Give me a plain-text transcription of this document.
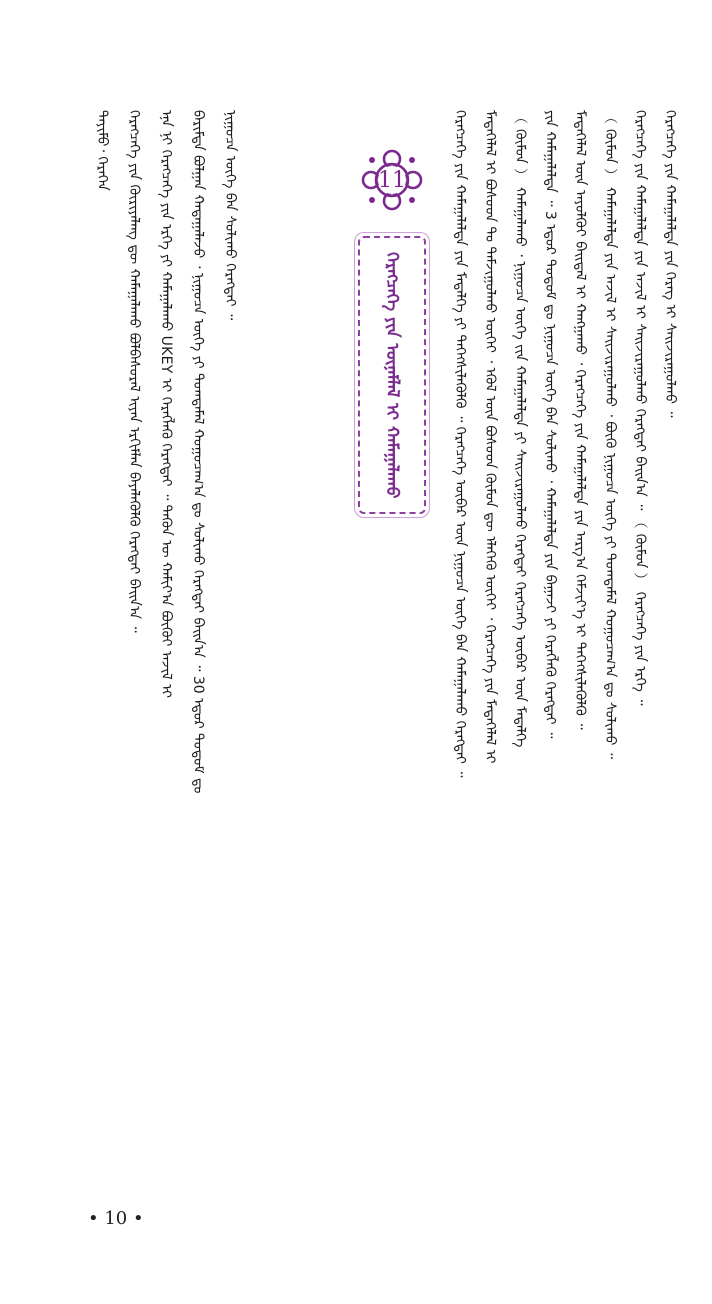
11
ᠬᠡᠷᠡᠭᠴᠡᠭᠡ ᠶᠢᠨ ᠦᠨᠡᠮᠯᠡᠯ ᠢ ᠬᠠᠮᠠᠭᠠᠯᠠᠬᠤ
ᠲᠡᠶᠢᠮᠦ᠂ ᠬᠡᠷᠡᠭᠡᠨ ᠬᠡᠷᠡᠭᠴᠡᠭᠡ ᠶᠢᠨ ᠬᠦᠷᠢᠶᠡᠯᠡᠩ ᠳᠦ ᠬᠠᠮᠠᠭᠠᠯᠠᠬᠤ ᠪᠣᠯᠪᠠᠰᠤᠷᠠᠯ ᠢᠶᠡᠨ ᠡᠷᠬᠢᠮᠯᠡᠨ ᠪᠡᠶᠡᠯᠡᠭᠦᠯᠬᠦ ᠬᠡᠷᠡᠭᠲᠡᠢ ᠪᠠᠢᠨ᠎ᠠ ᠃ ᠡᠨᠡ ᠨᠢ ᠬᠡᠷᠡᠭᠴᠡᠭᠡ ᠶᠢᠨ ᠡᠷᠬᠡ ᠶᠢ ᠬᠠᠮᠠᠭᠠᠯᠠᠬᠤ UKEY ᠢ ᠬᠡᠷᠡᠭᠯᠡᠬᠦ ᠬᠡᠷᠡᠭᠲᠡᠢ ᠃ ᠲᠡᠭᠦᠨ ᠦ ᠬᠠᠮᠢᠶ᠎ᠠ ᠪᠦᠬᠦᠢ ᠠᠵᠢᠯ ᠢ ᠪᠠᠷᠢᠮᠲᠠ ᠪᠣᠯᠭᠠᠨ ᠬᠠᠳᠠᠭᠠᠯᠠᠵᠤ ᠂ ᠨᠢᠭᠤᠴᠠ ᠦᠭᠡ ᠶᠢ ᠲᠣᠭᠲᠠᠮᠠᠯ ᠬᠤᠭᠤᠴᠠᠭ᠎ᠠ ᠳᠤ ᠰᠣᠯᠢᠬᠤ ᠬᠡᠷᠡᠭᠲᠡᠢ ᠪᠠᠢᠨ᠎ᠠ ᠃ 30 ᠡᠳᠦᠷ ᠲᠤᠲᠤᠮ ᠳᠤ ᠨᠢᠭᠤᠴᠠ ᠦᠭᠡ ᠪᠡᠨ ᠰᠣᠯᠢᠬᠤ ᠬᠡᠷᠡᠭᠲᠡᠢ ᠃	ᠬᠡᠷᠡᠭᠴᠡᠭᠡ ᠶᠢᠨ ᠬᠠᠮᠠᠭᠠᠯᠠᠯᠲᠠ ᠶᠢᠨ ᠮᠡᠳᠡᠯᠭᠡ ᠶᠢ ᠳᠡᠭᠡᠭᠰᠢᠯᠡᠭᠦᠯᠬᠦ ᠃ ᠬᠡᠷᠡᠭᠴᠡᠭᠡ ᠦᠪᠡᠷ ᠦᠨ ᠨᠢᠭᠤᠴᠠ ᠦᠭᠡ ᠪᠡᠨ ᠬᠠᠮᠠᠭᠠᠯᠠᠬᠤ ᠬᠡᠷᠡᠭᠲᠡᠢ ᠃ ᠮᠡᠳᠡᠭᠡᠯᠡᠯ ᠢ ᠪᠤᠰᠤᠳ ᠲᠤ ᠳᠠᠮᠵᠢᠭᠤᠯᠬᠤ ᠦᠭᠡᠢ ᠂ ᠡᠭᠦᠯ ᠦᠨ ᠪᠤᠰᠤᠳ ᠬᠦᠮᠦᠨ ᠳᠦ ᠡᠯᠡᠭᠡᠬᠦ ᠦᠭᠡᠢ ᠂ ᠬᠡᠷᠡᠭᠴᠡᠭᠡ ᠶᠢᠨ ᠮᠡᠳᠡᠭᠡᠯᠡᠯ ᠢ （ ᠬᠦᠮᠦᠨ ） ᠬᠠᠮᠠᠭᠠᠯᠠᠬᠤ ᠂ ᠨᠢᠭᠤᠴᠠ ᠦᠭᠡ ᠵᠢᠨ ᠬᠠᠮᠠᠭᠠᠯᠠᠯᠲᠠ ᠶᠢ ᠰᠠᠢᠵᠢᠷᠠᠭᠤᠯᠬᠤ ᠬᠡᠷᠡᠭᠲᠡᠢ ᠬᠡᠷᠡᠭᠴᠡᠭᠡ ᠦᠪᠡᠷ ᠦᠨ ᠮᠡᠳᠡᠯᠭᠡ ᠶᠢᠨ ᠬᠠᠮᠠᠭᠠᠯᠠᠯᠲᠠ ᠃ 3 ᠡᠳᠦᠷ ᠲᠤᠲᠤᠮ ᠳᠤ ᠨᠢᠭᠤᠴᠠ ᠦᠭᠡ ᠪᠡᠨ ᠰᠣᠯᠢᠬᠤ ᠂ ᠬᠠᠮᠠᠭᠠᠯᠠᠯᠲᠠ ᠶᠢᠨ ᠪᠠᠭᠠᠵᠢ ᠶᠢ ᠬᠡᠷᠡᠭᠯᠡᠬᠦ ᠬᠡᠷᠡᠭᠲᠡᠢ ᠃ ᠮᠡᠳᠡᠭᠡᠯᠡᠯ ᠦᠨ ᠠᠶᠤᠯᠭᠦᠢ ᠪᠠᠢᠳᠠᠯ ᠢ ᠬᠠᠩᠭᠠᠬᠤ ᠂ ᠬᠡᠷᠡᠭᠴᠡᠭᠡ ᠶᠢᠨ ᠬᠠᠮᠠᠭᠠᠯᠠᠯᠲᠠ ᠶᠢᠨ ᠠᠷᠭ᠎ᠠ ᠬᠡᠮᠵᠢᠶ᠎ᠡ ᠢ ᠳᠡᠭᠡᠭᠰᠢᠯᠡᠭᠦᠯᠬᠦ ᠃ （ ᠬᠦᠮᠦᠨ ） ᠬᠠᠮᠠᠭᠠᠯᠠᠯᠲᠠ ᠶᠢᠨ ᠠᠵᠢᠯ ᠢ ᠰᠠᠢᠵᠢᠷᠠᠭᠤᠯᠬᠤ ᠂ ᠪᠦᠬᠦ ᠨᠢᠭᠤᠴᠠ ᠦᠭᠡ ᠶᠢ ᠲᠣᠭᠲᠠᠮᠠᠯ ᠬᠤᠭᠤᠴᠠᠭ᠎ᠠ ᠳᠤ ᠰᠣᠯᠢᠬᠤ ᠃ ᠬᠡᠷᠡᠭᠴᠡᠭᠡ ᠶᠢᠨ ᠬᠠᠮᠠᠭᠠᠯᠠᠯᠲᠠ ᠶᠢᠨ ᠠᠵᠢᠯ ᠢ ᠰᠠᠢᠵᠢᠷᠠᠭᠤᠯᠬᠤ ᠬᠡᠷᠡᠭᠲᠡᠢ ᠪᠠᠢᠨ᠎ᠠ ᠃ （ ᠬᠦᠮᠦᠨ ） ᠬᠡᠷᠡᠭᠴᠡᠭᠡ ᠶᠢᠨ ᠡᠷᠬᠡ ᠃ ᠬᠡᠷᠡᠭᠴᠡᠭᠡ ᠶᠢᠨ ᠬᠠᠮᠠᠭᠠᠯᠠᠯᠲᠠ ᠶᠢᠨ ᠬᠡᠷᠡᠭ ᠢ ᠰᠠᠢᠵᠢᠷᠠᠭᠤᠯᠬᠤ ᠃
• 10 •
